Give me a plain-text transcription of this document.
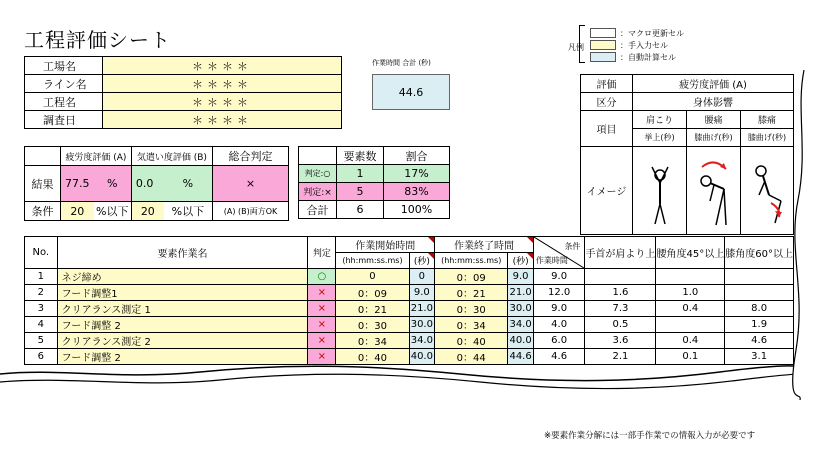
工程評価シート	凡例
：マクロ更新セル
：手入力セル
：自動計算セル
工場名	＊＊＊＊
ライン名	＊＊＊＊
工程名	＊＊＊＊
調査日	＊＊＊＊
作業時間 合計 (秒)
44.6
	疲労度評価 (A)		気遣い度評価 (B)		総合判定
結果	77.5	%	0.0	%	×
条件	20	%以下	20	%以下	(A) (B)両方OK
	要素数	割合
判定:○	1	17%
判定:×	5	83%
合計	6	100%
評価	疲労度評価 (A)		
区分	身体影響		
項目	肩こり	腰痛	膝痛
	挙上(秒)	膝曲げ(秒)	膝曲げ(秒)
イメージ			
No.	要素作業名	判定	作業開始時間		作業終了時間		条件
作業時間	手首が肩より上	腰角度45°以上	膝角度60°以上
			(hh:mm:ss.ms)	(秒)	(hh:mm:ss.ms)	(秒)				

1	ネジ締め	○	0	0	0：09	9.0	9.0			
2	フード調整1	×	0：09	9.0	0：21	21.0	12.0	1.6	1.0	
3	クリアランス測定 1	×	0：21	21.0	0：30	30.0	9.0	7.3	0.4	8.0
4	フード調整 2	×	0：30	30.0	0：34	34.0	4.0	0.5		1.9
5	クリアランス測定 2	×	0：34	34.0	0：40	40.0	6.0	3.6	0.4	4.6
6	フード調整 2	×	0：40	40.0	0：44	44.6	4.6	2.1	0.1	3.1
※要素作業分解には一部手作業での情報入力が必要です
